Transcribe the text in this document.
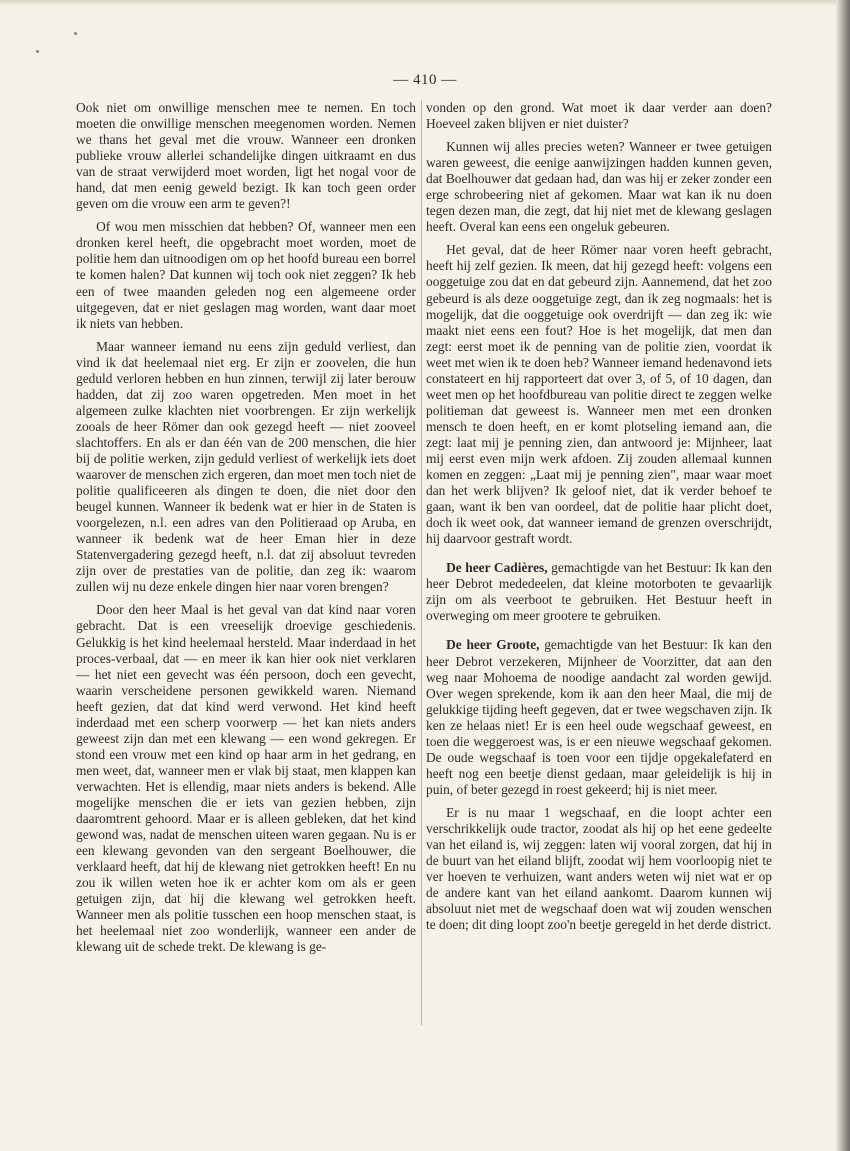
— 410 —

Ook niet om onwillige menschen mee te nemen. En toch moeten die onwillige menschen meegenomen worden. Nemen we thans het geval met die vrouw. Wanneer een dronken publieke vrouw allerlei schandelijke dingen uitkraamt en dus van de straat verwijderd moet worden, ligt het nogal voor de hand, dat men eenig geweld bezigt. Ik kan toch geen order geven om die vrouw een arm te geven?!

Of wou men misschien dat hebben? Of, wanneer men een dronken kerel heeft, die opgebracht moet worden, moet de politie hem dan uitnoodigen om op het hoofd bureau een borrel te komen halen? Dat kunnen wij toch ook niet zeggen? Ik heb een of twee maanden geleden nog een algemeene order uitgegeven, dat er niet geslagen mag worden, want daar moet ik niets van hebben.

Maar wanneer iemand nu eens zijn geduld verliest, dan vind ik dat heelemaal niet erg. Er zijn er zoovelen, die hun geduld verloren hebben en hun zinnen, terwijl zij later berouw hadden, dat zij zoo waren opgetreden. Men moet in het algemeen zulke klachten niet voorbrengen. Er zijn werkelijk zooals de heer Römer dan ook gezegd heeft — niet zooveel slachtoffers. En als er dan één van de 200 menschen, die hier bij de politie werken, zijn geduld verliest of werkelijk iets doet waarover de menschen zich ergeren, dan moet men toch niet de politie qualificeeren als dingen te doen, die niet door den beugel kunnen. Wanneer ik bedenk wat er hier in de Staten is voorgelezen, n.l. een adres van den Politieraad op Aruba, en wanneer ik bedenk wat de heer Eman hier in deze Statenvergadering gezegd heeft, n.l. dat zij absoluut tevreden zijn over de prestaties van de politie, dan zeg ik: waarom zullen wij nu deze enkele dingen hier naar voren brengen?

Door den heer Maal is het geval van dat kind naar voren gebracht. Dat is een vreeselijk droevige geschiedenis. Gelukkig is het kind heelemaal hersteld. Maar inderdaad in het proces-verbaal, dat — en meer ik kan hier ook niet verklaren — het niet een gevecht was één persoon, doch een gevecht, waarin verscheidene personen gewikkeld waren. Niemand heeft gezien, dat dat kind werd verwond. Het kind heeft inderdaad met een scherp voorwerp — het kan niets anders geweest zijn dan met een klewang — een wond gekregen. Er stond een vrouw met een kind op haar arm in het gedrang, en men weet, dat, wanneer men er vlak bij staat, men klappen kan verwachten. Het is ellendig, maar niets anders is bekend. Alle mogelijke menschen die er iets van gezien hebben, zijn daaromtrent gehoord. Maar er is alleen gebleken, dat het kind gewond was, nadat de menschen uiteen waren gegaan. Nu is er een klewang gevonden van den sergeant Boelhouwer, die verklaard heeft, dat hij de klewang niet getrokken heeft! En nu zou ik willen weten hoe ik er achter kom om als er geen getuigen zijn, dat hij die klewang wel getrokken heeft. Wanneer men als politie tusschen een hoop menschen staat, is het heelemaal niet zoo wonderlijk, wanneer een ander de klewang uit de schede trekt. De klewang is ge-

vonden op den grond. Wat moet ik daar verder aan doen? Hoeveel zaken blijven er niet duister?

Kunnen wij alles precies weten? Wanneer er twee getuigen waren geweest, die eenige aanwijzingen hadden kunnen geven, dat Boelhouwer dat gedaan had, dan was hij er zeker zonder een erge schrobeering niet af gekomen. Maar wat kan ik nu doen tegen dezen man, die zegt, dat hij niet met de klewang geslagen heeft. Overal kan eens een ongeluk gebeuren.

Het geval, dat de heer Römer naar voren heeft gebracht, heeft hij zelf gezien. Ik meen, dat hij gezegd heeft: volgens een ooggetuige zou dat en dat gebeurd zijn. Aannemend, dat het zoo gebeurd is als deze ooggetuige zegt, dan ik zeg nogmaals: het is mogelijk, dat die ooggetuige ook overdrijft — dan zeg ik: wie maakt niet eens een fout? Hoe is het mogelijk, dat men dan zegt: eerst moet ik de penning van de politie zien, voordat ik weet met wien ik te doen heb? Wanneer iemand hedenavond iets constateert en hij rapporteert dat over 3, of 5, of 10 dagen, dan weet men op het hoofdbureau van politie direct te zeggen welke politieman dat geweest is. Wanneer men met een dronken mensch te doen heeft, en er komt plotseling iemand aan, die zegt: laat mij je penning zien, dan antwoord je: Mijnheer, laat mij eerst even mijn werk afdoen. Zij zouden allemaal kunnen komen en zeggen: „Laat mij je penning zien", maar waar moet dan het werk blijven? Ik geloof niet, dat ik verder behoef te gaan, want ik ben van oordeel, dat de politie haar plicht doet, doch ik weet ook, dat wanneer iemand de grenzen overschrijdt, hij daarvoor gestraft wordt.

De heer Cadières, gemachtigde van het Bestuur: Ik kan den heer Debrot mededeelen, dat kleine motorboten te gevaarlijk zijn om als veerboot te gebruiken. Het Bestuur heeft in overweging om meer grootere te gebruiken.

De heer Groote, gemachtigde van het Bestuur: Ik kan den heer Debrot verzekeren, Mijnheer de Voorzitter, dat aan den weg naar Mohoema de noodige aandacht zal worden gewijd. Over wegen sprekende, kom ik aan den heer Maal, die mij de gelukkige tijding heeft gegeven, dat er twee wegschaven zijn. Ik ken ze helaas niet! Er is een heel oude wegschaaf geweest, en toen die weggeroest was, is er een nieuwe wegschaaf gekomen. De oude wegschaaf is toen voor een tijdje opgekalefaterd en heeft nog een beetje dienst gedaan, maar geleidelijk is hij in puin, of beter gezegd in roest gekeerd; hij is niet meer.

Er is nu maar 1 wegschaaf, en die loopt achter een verschrikkelijk oude tractor, zoodat als hij op het eene gedeelte van het eiland is, wij zeggen: laten wij vooral zorgen, dat hij in de buurt van het eiland blijft, zoodat wij hem voorloopig niet te ver hoeven te verhuizen, want anders weten wij niet wat er op de andere kant van het eiland aankomt. Daarom kunnen wij absoluut niet met de wegschaaf doen wat wij zouden wenschen te doen; dit ding loopt zoo'n beetje geregeld in het derde district.
